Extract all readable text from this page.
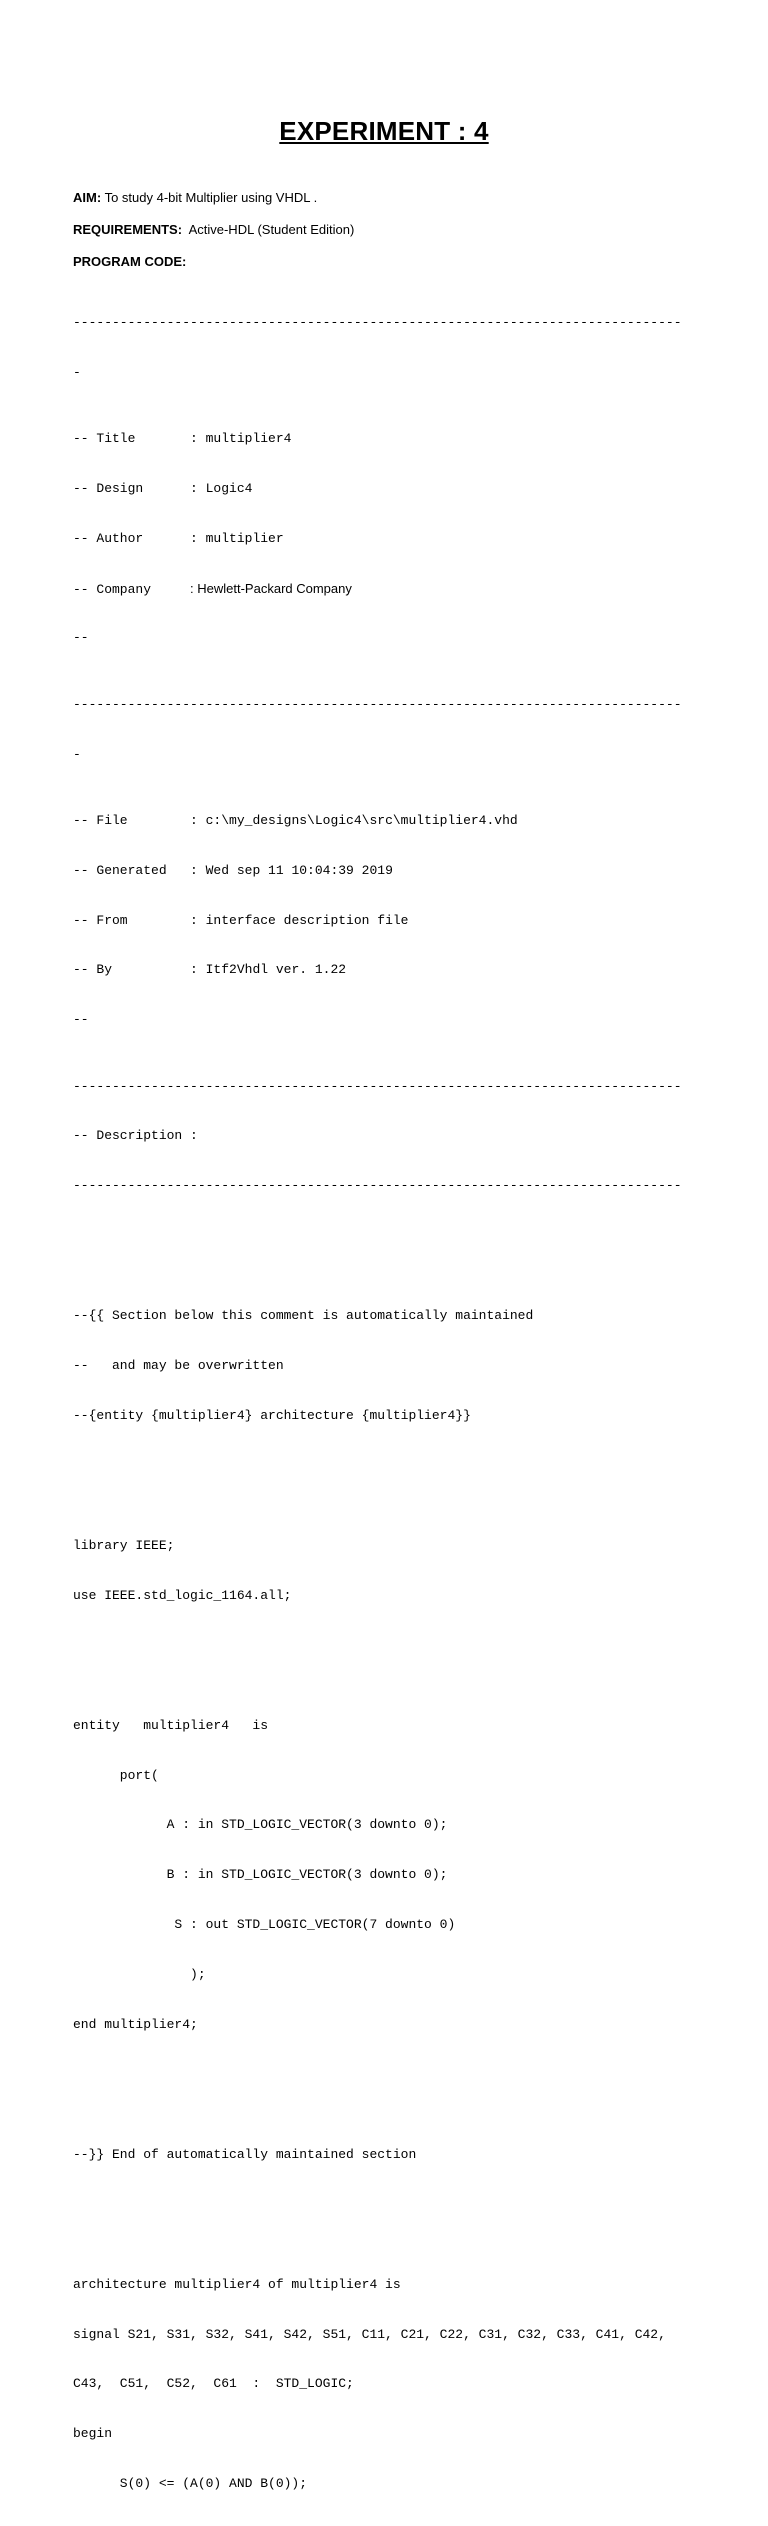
EXPERIMENT : 4
AIM: To study 4-bit Multiplier using VHDL .
REQUIREMENTS: Active-HDL (Student Edition)
PROGRAM CODE:

------------------------------------------------------------------------------

-

-- Title       : multiplier4

-- Design      : Logic4

-- Author      : multiplier

-- Company     : Hewlett-Packard Company

--

------------------------------------------------------------------------------

-

-- File        : c:\my_designs\Logic4\src\multiplier4.vhd

-- Generated   : Wed sep 11 10:04:39 2019

-- From        : interface description file

-- By          : Itf2Vhdl ver. 1.22

--

------------------------------------------------------------------------------

-- Description :

------------------------------------------------------------------------------

--{{ Section below this comment is automatically maintained

--   and may be overwritten

--{entity {multiplier4} architecture {multiplier4}}

library IEEE;

use IEEE.std_logic_1164.all;

entity   multiplier4   is

port(

A : in STD_LOGIC_VECTOR(3 downto 0);

B : in STD_LOGIC_VECTOR(3 downto 0);

S : out STD_LOGIC_VECTOR(7 downto 0)

);

end multiplier4;

--}} End of automatically maintained section

architecture multiplier4 of multiplier4 is

signal S21, S31, S32, S41, S42, S51, C11, C21, C22, C31, C32, C33, C41, C42,

C43,  C51,  C52,  C61  :  STD_LOGIC;

begin

S(0) <= (A(0) AND B(0));
